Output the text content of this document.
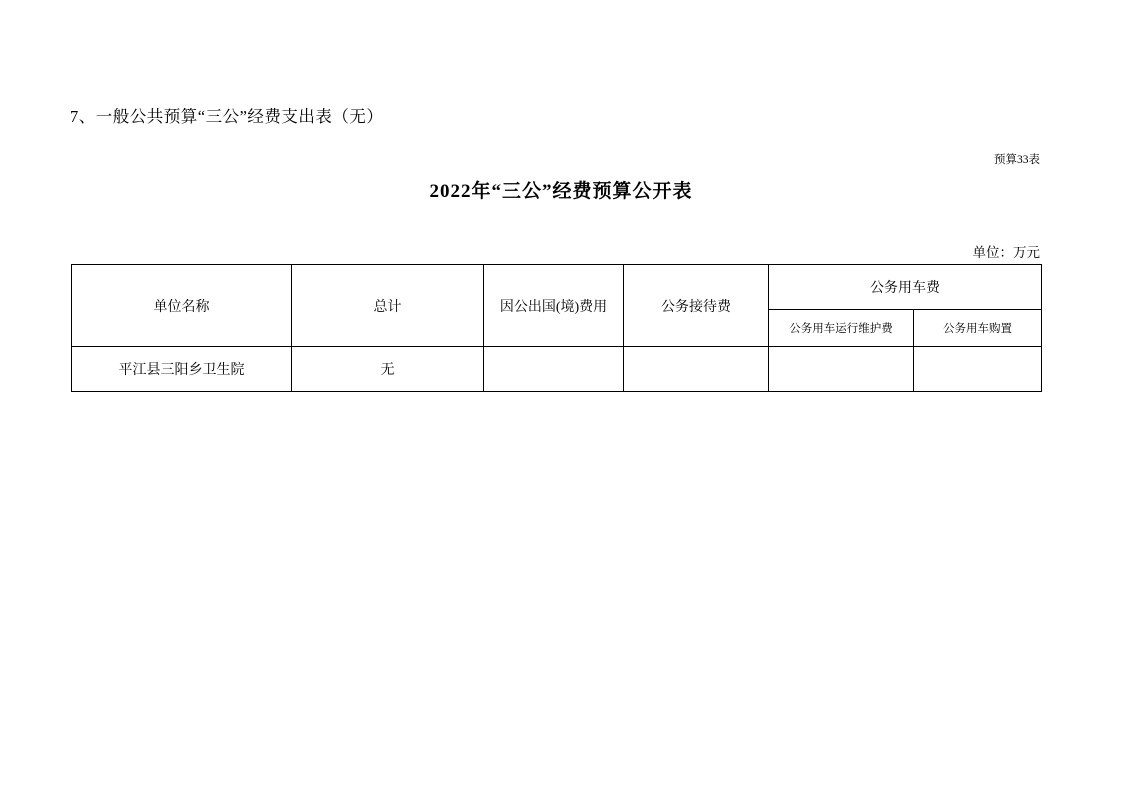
7、一般公共预算“三公”经费支出表（无）
预算33表
2022年“三公”经费预算公开表
单位：万元
单位名称	总计	因公出国(境)费用	公务接待费	公务用车费	
				公务用车运行维护费	公务用车购置
平江县三阳乡卫生院	无				
